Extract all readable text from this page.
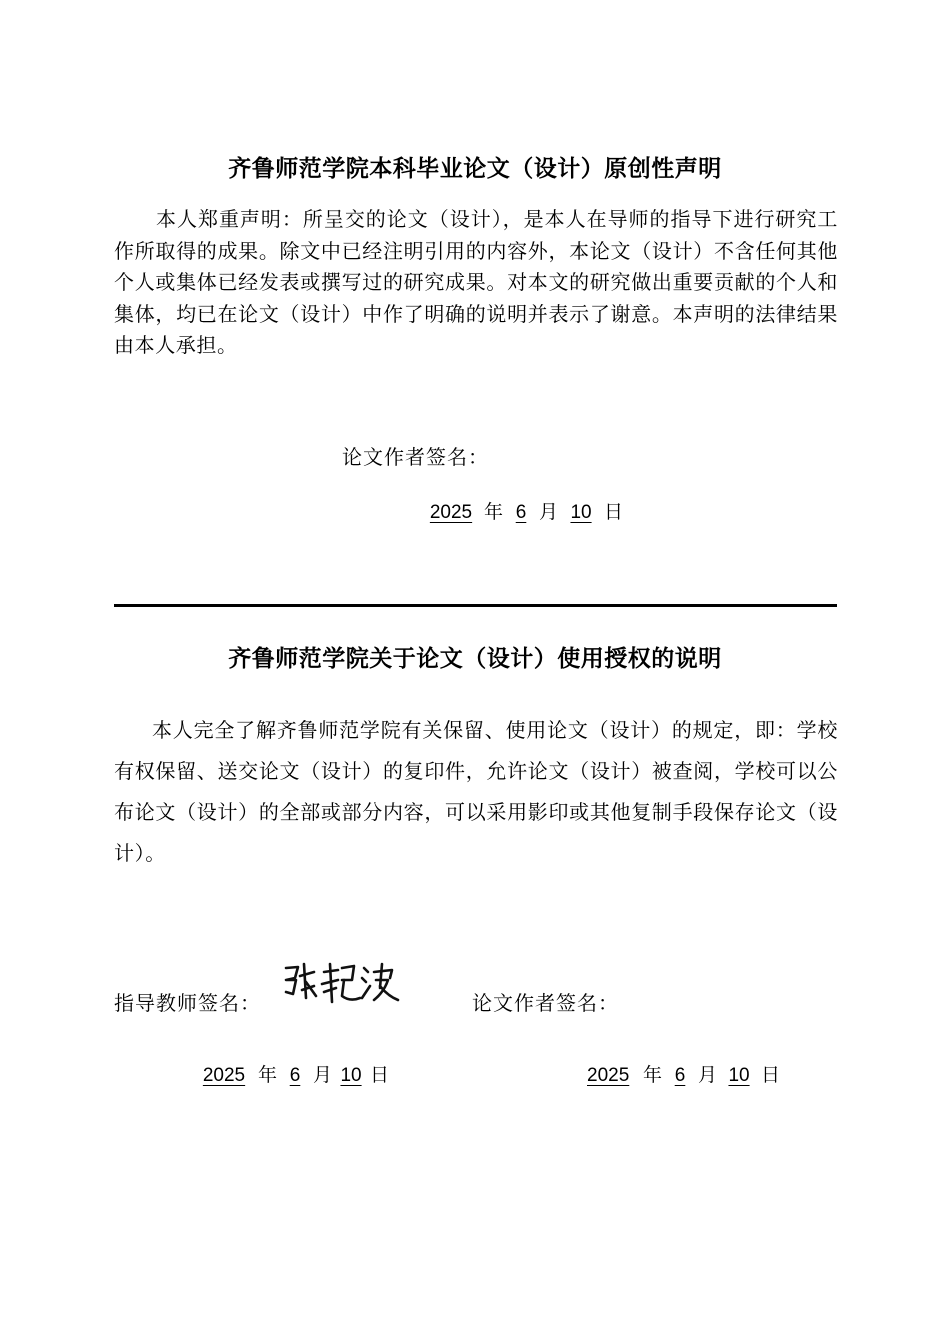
齐鲁师范学院本科毕业论文（设计）原创性声明
本人郑重声明：所呈交的论文（设计），是本人在导师的指导下进行研究工作所取得的成果。除文中已经注明引用的内容外，本论文（设计）不含任何其他个人或集体已经发表或撰写过的研究成果。对本文的研究做出重要贡献的个人和集体，均已在论文（设计）中作了明确的说明并表示了谢意。本声明的法律结果由本人承担。
论文作者签名：
2025 年 6 月 10 日
齐鲁师范学院关于论文（设计）使用授权的说明
本人完全了解齐鲁师范学院有关保留、使用论文（设计）的规定，即：学校有权保留、送交论文（设计）的复印件，允许论文（设计）被查阅，学校可以公布论文（设计）的全部或部分内容，可以采用影印或其他复制手段保存论文（设计）。
指导教师签名：	论文作者签名：
2025 年 6 月 10 日	2025 年 6 月 10 日
